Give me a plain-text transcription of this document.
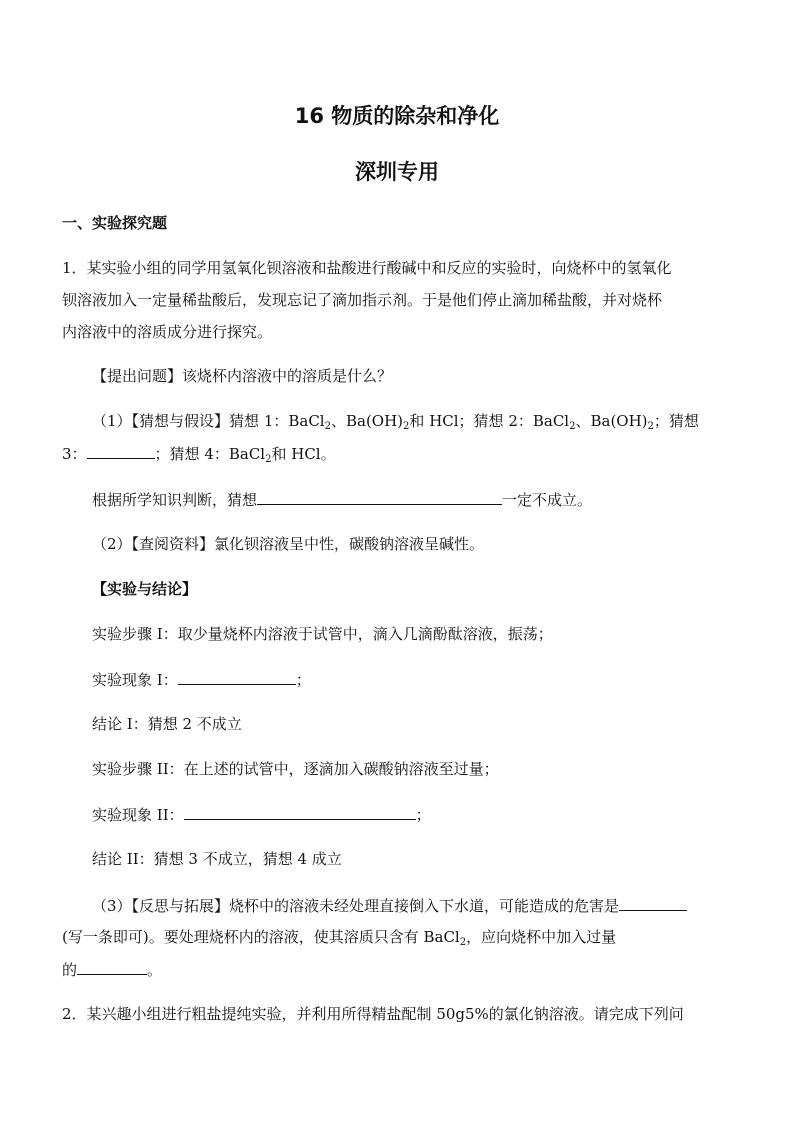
16 物质的除杂和净化
深圳专用
一、实验探究题
1．某实验小组的同学用氢氧化钡溶液和盐酸进行酸碱中和反应的实验时，向烧杯中的氢氧化
钡溶液加入一定量稀盐酸后，发现忘记了滴加指示剂。于是他们停止滴加稀盐酸，并对烧杯
内溶液中的溶质成分进行探究。
【提出问题】该烧杯内溶液中的溶质是什么？
（1）【猜想与假设】猜想 1：BaCl$_2$、$Ba(OH)_2$和 HCl；猜想 2：BaCl$_2$、$Ba(OH)_2$；猜想
3：	；猜想 4：BaCl$_2$和 HCl。
根据所学知识判断，猜想	一定不成立。
（2）【查阅资料】氯化钡溶液呈中性，碳酸钠溶液呈碱性。
【实验与结论】
实验步骤 I：取少量烧杯内溶液于试管中，滴入几滴酚酞溶液，振荡；
实验现象 I：	；
结论 I：猜想 2 不成立
实验步骤 II：在上述的试管中，逐滴加入碳酸钠溶液至过量；
实验现象 II：	；
结论 II：猜想 3 不成立，猜想 4 成立
（3）【反思与拓展】烧杯中的溶液未经处理直接倒入下水道，可能造成的危害是
(写一条即可)。要处理烧杯内的溶液，使其溶质只含有 BaCl$_2$，应向烧杯中加入过量
的	。
2．某兴趣小组进行粗盐提纯实验，并利用所得精盐配制 50g5%的氯化钠溶液。请完成下列问
